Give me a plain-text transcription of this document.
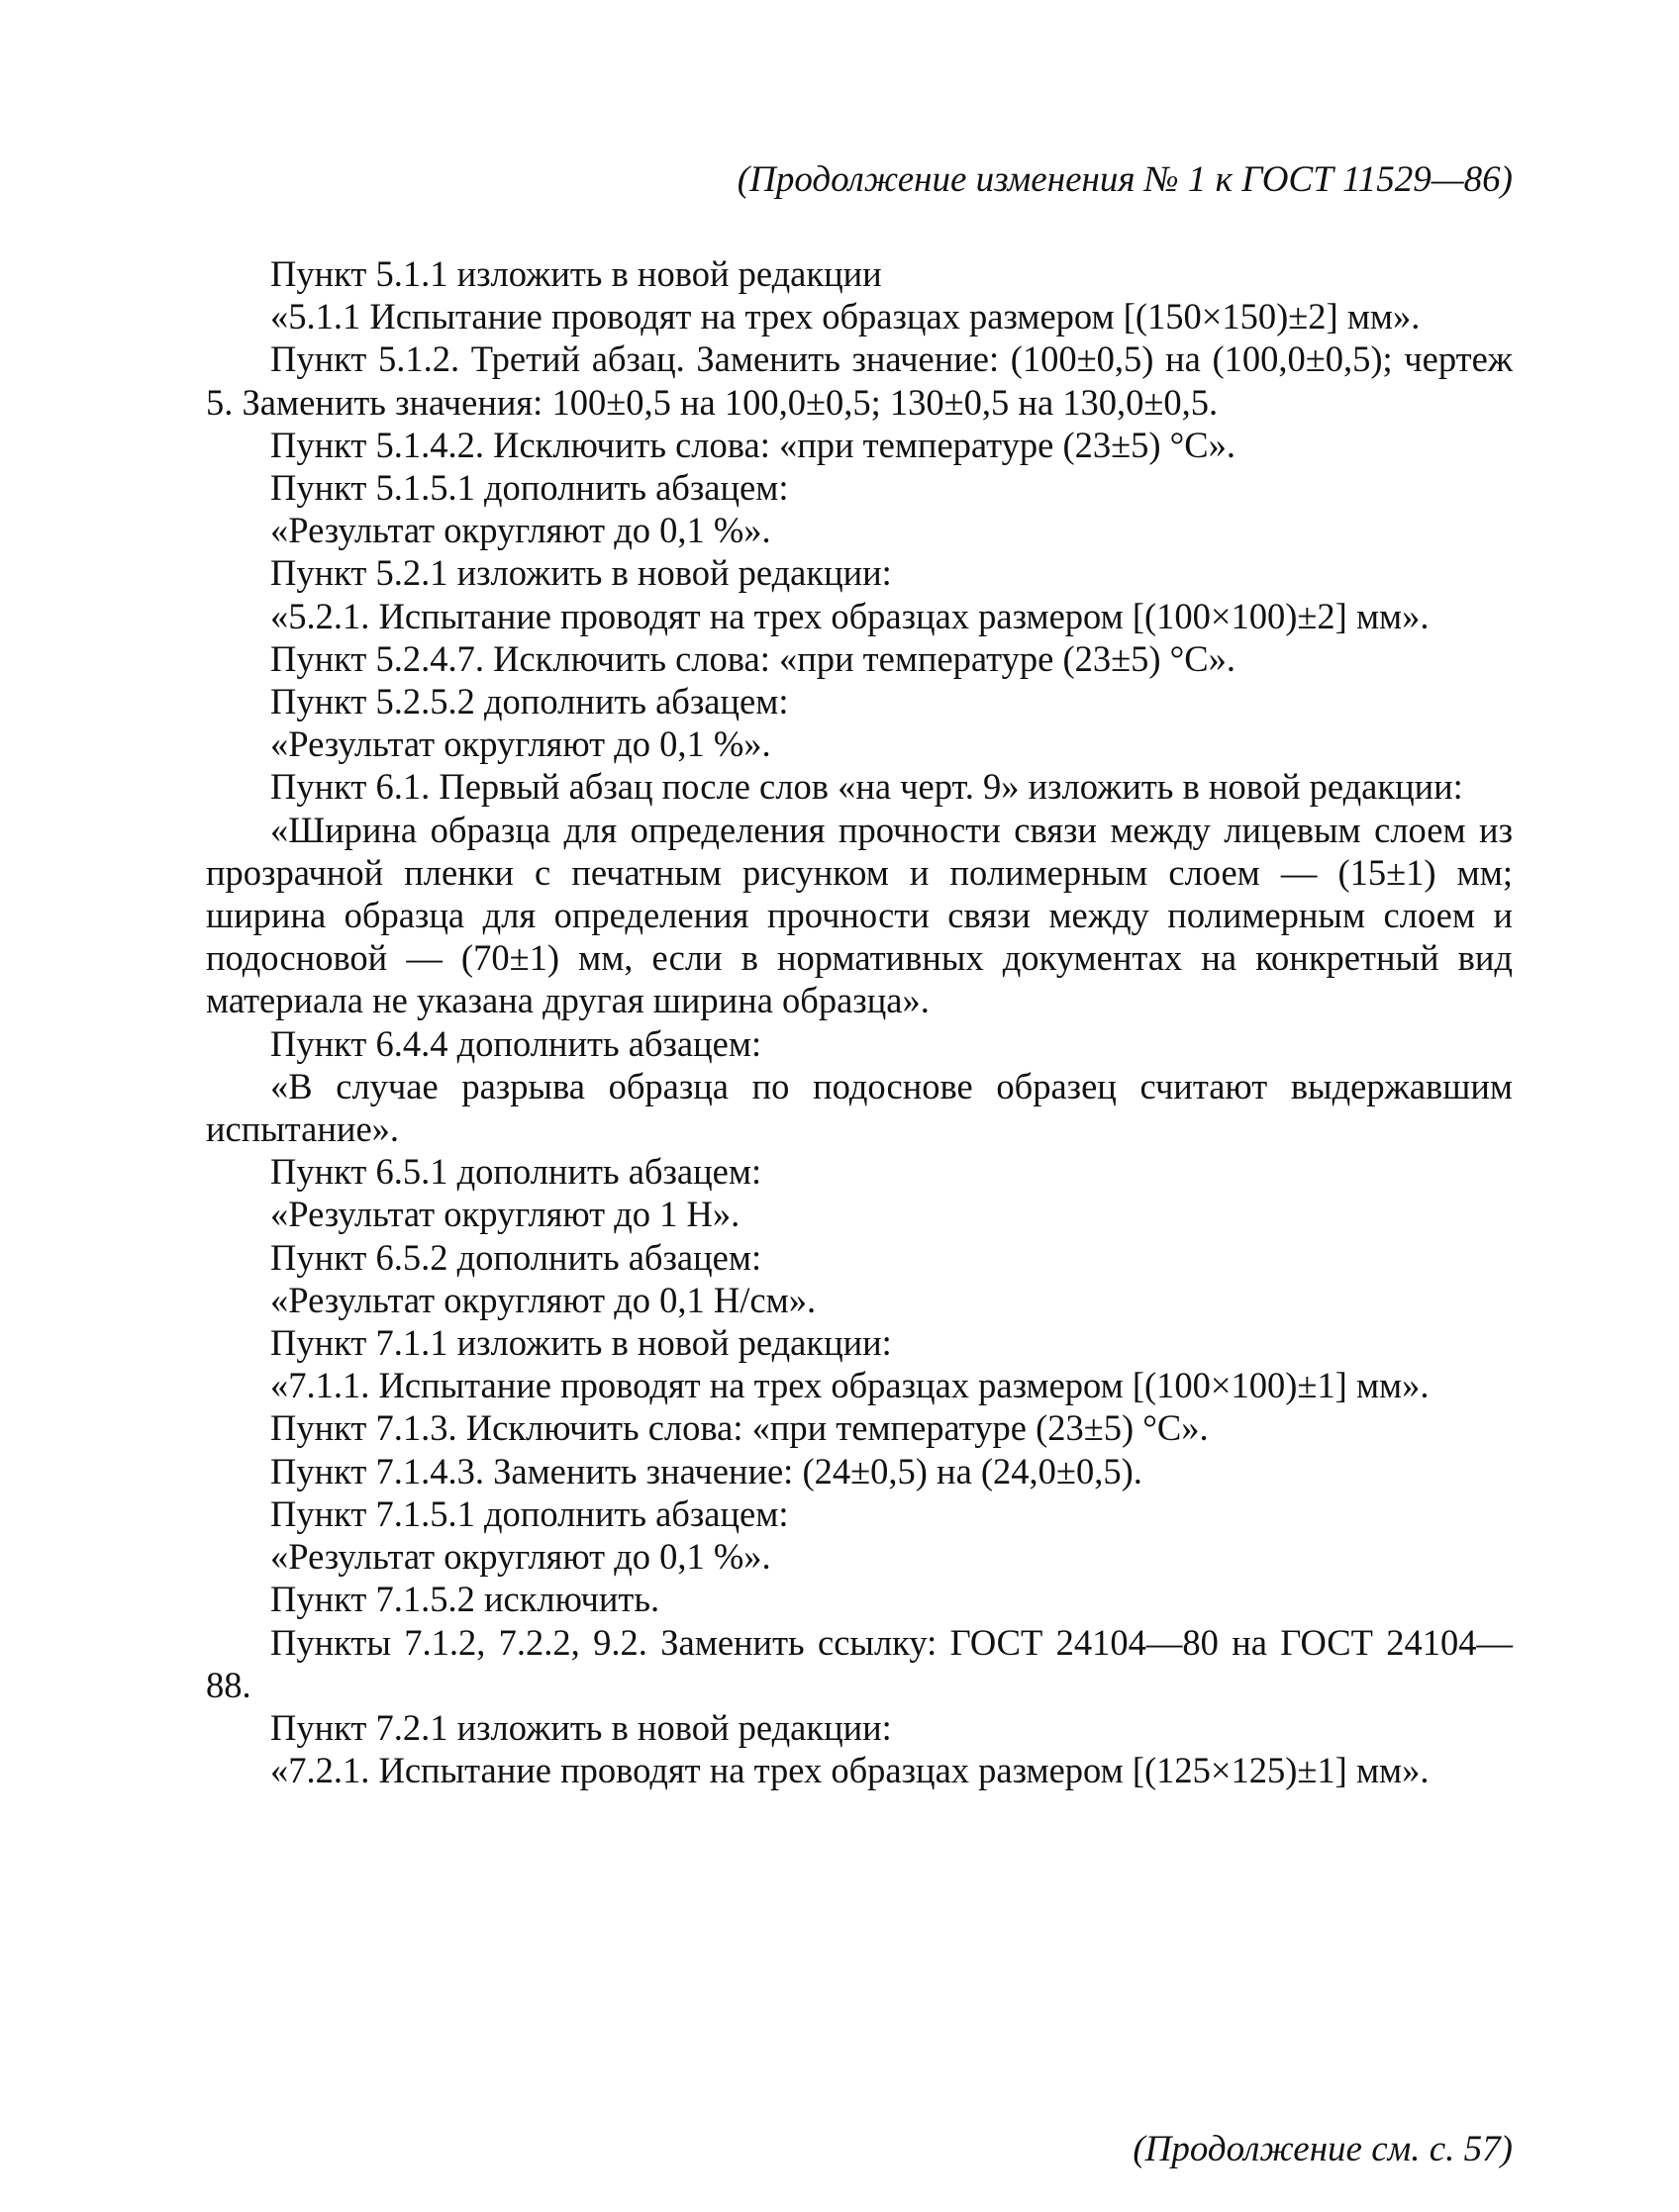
(Продолжение изменения № 1 к ГОСТ 11529—86)

Пункт 5.1.1 изложить в новой редакции

«5.1.1 Испытание проводят на трех образцах размером [(150×150)±2] мм».

Пункт 5.1.2. Третий абзац. Заменить значение: (100±0,5) на (100,0±0,5); чертеж 5. Заменить значения: 100±0,5 на 100,0±0,5; 130±0,5 на 130,0±0,5.

Пункт 5.1.4.2. Исключить слова: «при температуре (23±5) °С».

Пункт 5.1.5.1 дополнить абзацем:

«Результат округляют до 0,1 %».

Пункт 5.2.1 изложить в новой редакции:

«5.2.1. Испытание проводят на трех образцах размером [(100×100)±2] мм».

Пункт 5.2.4.7. Исключить слова: «при температуре (23±5) °С».

Пункт 5.2.5.2 дополнить абзацем:

«Результат округляют до 0,1 %».

Пункт 6.1. Первый абзац после слов «на черт. 9» изложить в новой редакции:

«Ширина образца для определения прочности связи между лицевым слоем из прозрачной пленки с печатным рисунком и полимерным слоем — (15±1) мм; ширина образца для определения прочности связи между полимерным слоем и подосновой — (70±1) мм, если в нормативных документах на конкретный вид материала не указана другая ширина образца».

Пункт 6.4.4 дополнить абзацем:

«В случае разрыва образца по подоснове образец считают выдержавшим испытание».

Пункт 6.5.1 дополнить абзацем:

«Результат округляют до 1 Н».

Пункт 6.5.2 дополнить абзацем:

«Результат округляют до 0,1 Н/см».

Пункт 7.1.1 изложить в новой редакции:

«7.1.1. Испытание проводят на трех образцах размером [(100×100)±1] мм».

Пункт 7.1.3. Исключить слова: «при температуре (23±5) °С».

Пункт 7.1.4.3. Заменить значение: (24±0,5) на (24,0±0,5).

Пункт 7.1.5.1 дополнить абзацем:

«Результат округляют до 0,1 %».

Пункт 7.1.5.2 исключить.

Пункты 7.1.2, 7.2.2, 9.2. Заменить ссылку: ГОСТ 24104—80 на ГОСТ 24104—88.

Пункт 7.2.1 изложить в новой редакции:

«7.2.1. Испытание проводят на трех образцах размером [(125×125)±1] мм».

(Продолжение см. с. 57)
